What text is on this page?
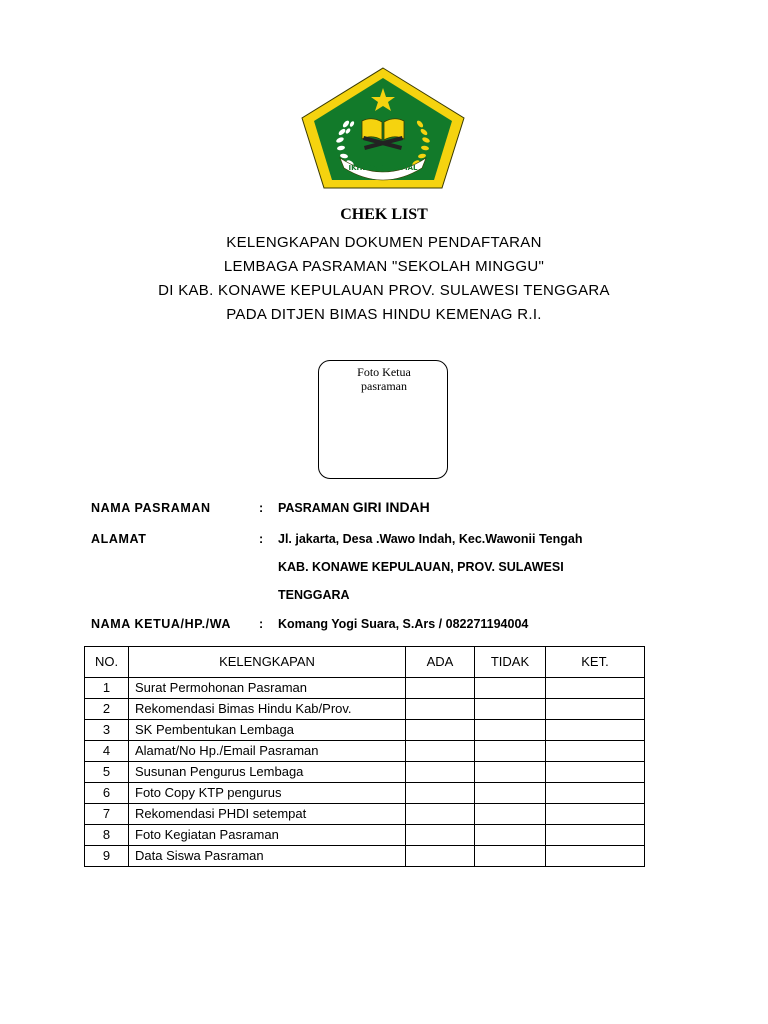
IKHLAS BERAMAL
CHEK LIST
KELENGKAPAN DOKUMEN PENDAFTARAN
LEMBAGA PASRAMAN "SEKOLAH MINGGU"
DI KAB. KONAWE KEPULAUAN PROV. SULAWESI TENGGARA
PADA DITJEN BIMAS HINDU KEMENAG R.I.
Foto Ketua
pasraman
NAMA PASRAMAN	: PASRAMAN GIRI INDAH
ALAMAT	: Jl. jakarta, Desa .Wawo Indah, Kec.Wawonii Tengah
KAB. KONAWE KEPULAUAN, PROV. SULAWESI
TENGGARA
NAMA KETUA/HP./WA : Komang Yogi Suara, S.Ars / 082271194004
NO.	KELENGKAPAN	ADA	TIDAK	KET.
1	Surat Permohonan Pasraman			
2	Rekomendasi Bimas Hindu Kab/Prov.			
3	SK Pembentukan Lembaga			
4	Alamat/No Hp./Email Pasraman			
5	Susunan Pengurus Lembaga			
6	Foto Copy KTP pengurus			
7	Rekomendasi PHDI setempat			
8	Foto Kegiatan Pasraman			
9	Data Siswa Pasraman			
